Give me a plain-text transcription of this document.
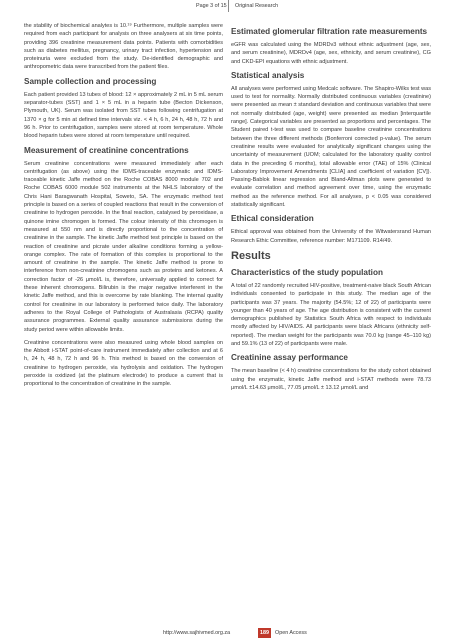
Page 3 of 15 Original Research

the stability of biochemical analytes is 10.¹⁹ Furthermore, multiple samples were required from each participant for analysis on three analysers at six time points, providing 396 creatinine measurement data points. Patients with comorbidities such as diabetes mellitus, pregnancy, urinary tract infection, hypertension and proteinuria were excluded from the study. De-identified demographic and anthropometric data were transcribed from the patient files.

Sample collection and processing

Each patient provided 13 tubes of blood: 12 × approximately 2 mL in 5 mL serum separator-tubes (SST) and 1 × 5 mL in a heparin tube (Becton Dickenson, Plymouth, UK). Serum was isolated from SST tubes following centrifugation at 1370 × g for 5 min at defined time intervals viz. < 4 h, 6 h, 24 h, 48 h, 72 h and 96 h. Prior to centrifugation, samples were stored at room temperature. Whole blood heparin tubes were stored at room temperature until required.

Measurement of creatinine concentrations

Serum creatinine concentrations were measured immediately after each centrifugation (as above) using the IDMS-traceable enzymatic and IDMS-traceable kinetic Jaffe method on the Roche COBAS 8000 module 702 and Roche COBAS 6000 module 502 instruments at the NHLS laboratory of the Chris Hani Baragwanath Hospital, Soweto, SA. The enzymatic method test principle is based on a series of coupled reactions that result in the conversion of creatinine to hydrogen peroxide. In the final reaction, catalysed by peroxidase, a quinone imine chromogen is formed. The colour intensity of this chromogen is measured at 550 nm and is directly proportional to the concentration of creatinine in the sample. The kinetic Jaffe method test principle is based on the reaction of creatinine and picrate under alkaline conditions forming a yellow-orange complex. The rate of formation of this complex is proportional to the amount of creatinine in the sample. The kinetic Jaffe method is prone to interference from non-creatinine chromogens such as proteins and ketones. A correction factor of -26 μmol/L is, therefore, universally applied to correct for these inherent chromogens. Bilirubin is the major negative interferent in the kinetic Jaffe method, and this is overcome by rate blanking. The internal quality control for creatinine in our laboratory is performed twice daily. The laboratory adheres to the Royal College of Pathologists of Australasia (RCPA) quality assurance programmes. External quality assurance submissions during the study period were within allowable limits.

Creatinine concentrations were also measured using whole blood samples on the Abbott i-STAT point-of-care instrument immediately after collection and at 6 h, 24 h, 48 h, 72 h and 96 h. This method is based on the conversion of creatinine to hydrogen peroxide, via hydrolysis and oxidation. The hydrogen peroxide is oxidized (at the platinum electrode) to produce a current that is proportional to the concentration of creatinine in the sample.

Estimated glomerular filtration rate measurements

eGFR was calculated using the MDRDv3 without ethnic adjustment (age, sex, and serum creatinine), MDRDv4 (age, sex, ethnicity, and serum creatinine), CG and CKD-EPI equations with ethnic adjustment.

Statistical analysis

All analyses were performed using Medcalc software. The Shapiro-Wilks test was used to test for normality. Normally distributed continuous variables (creatinine) were presented as mean ± standard deviation and continuous variables that were not normally distributed (age, weight) were presented as median [interquartile range]. Categorical variables are presented as proportions and percentages. The Student paired t-test was used to compare baseline creatinine concentrations between the three different methods (Bonferroni corrected p-value). The serum creatinine results were evaluated for analytically significant changes using the uncertainty of measurement (UOM; calculated for the laboratory quality control data in the preceding 6 months), total allowable error (TAE) of 15% (Clinical Laboratory Improvement Amendments [CLIA] and coefficient of variation [CV]). Passing-Bablok linear regression and Bland-Altman plots were generated to evaluate correlation and method agreement over time, using the enzymatic method as the reference method. For all analyses, p < 0.05 was considered statistically significant.

Ethical consideration

Ethical approval was obtained from the University of the Witwatersrand Human Research Ethic Committee, reference number: M171109. R14/49.

Results
Characteristics of the study population

A total of 22 randomly recruited HIV-positive, treatment-naive black South African individuals consented to participate in this study. The median age of the participants was 37 years. The majority (54.5%; 12 of 22) of participants were younger than 40 years of age. The age distribution is consistent with the current demographics published by Statistics South Africa with respect to individuals mostly affected by HIV/AIDS. All participants were black Africans (ethnicity self-reported). The median weight for the participants was 70.0 kg (range 45–110 kg) and 59.1% (13 of 22) of participants were male.

Creatinine assay performance

The mean baseline (< 4 h) creatinine concentrations for the study cohort obtained using the enzymatic, kinetic Jaffe method and i-STAT methods were 78.73 μmol/L ±14.63 μmol/L, 77.05 μmol/L ± 13.12 μmol/L and

http://www.sajhivmed.org.za	189	Open Access
